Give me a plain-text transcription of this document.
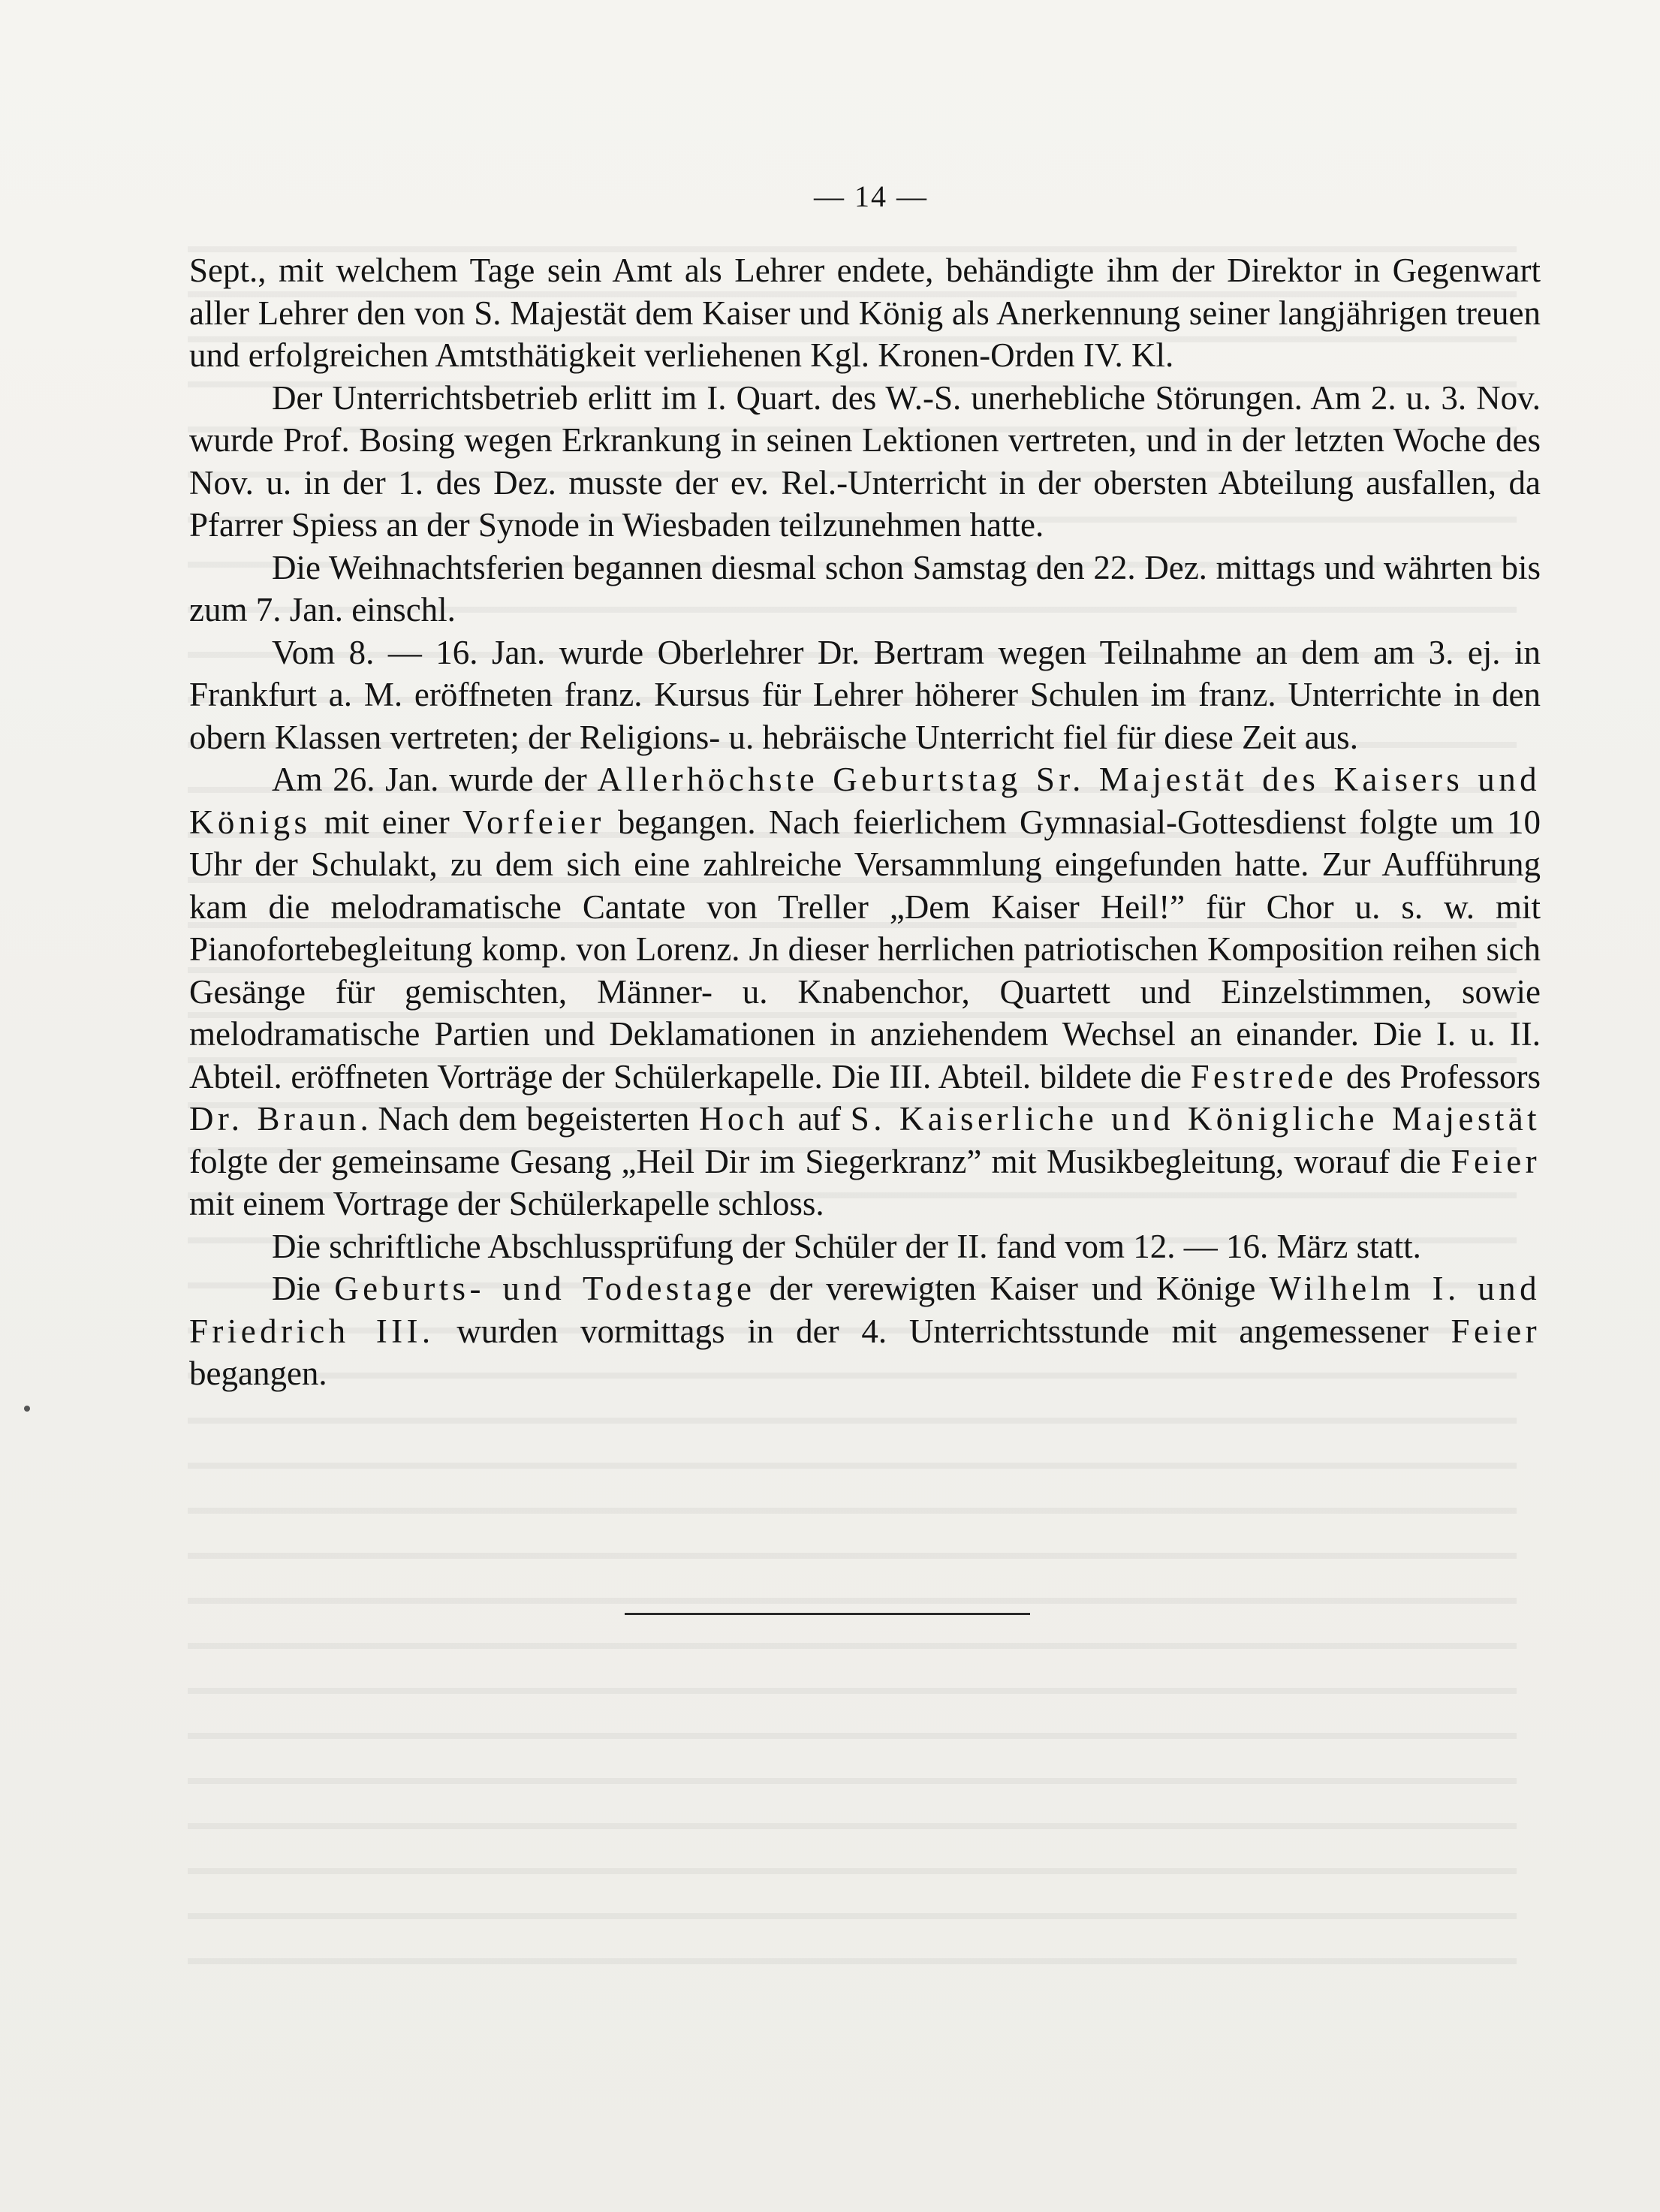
— 14 —

Sept., mit welchem Tage sein Amt als Lehrer endete, behändigte ihm der Direktor in Gegenwart aller Lehrer den von S. Majestät dem Kaiser und König als Anerkennung seiner langjährigen treuen und erfolgreichen Amtsthätigkeit verliehenen Kgl. Kronen-Orden IV. Kl.

Der Unterrichtsbetrieb erlitt im I. Quart. des W.-S. unerhebliche Störungen. Am 2. u. 3. Nov. wurde Prof. Bosing wegen Erkrankung in seinen Lektionen vertreten, und in der letzten Woche des Nov. u. in der 1. des Dez. musste der ev. Rel.-Unterricht in der obersten Abteilung ausfallen, da Pfarrer Spiess an der Synode in Wiesbaden teilzunehmen hatte.

Die Weihnachtsferien begannen diesmal schon Samstag den 22. Dez. mittags und währten bis zum 7. Jan. einschl.

Vom 8. — 16. Jan. wurde Oberlehrer Dr. Bertram wegen Teilnahme an dem am 3. ej. in Frankfurt a. M. eröffneten franz. Kursus für Lehrer höherer Schulen im franz. Unterrichte in den obern Klassen vertreten; der Religions- u. hebräische Unterricht fiel für diese Zeit aus.

Am 26. Jan. wurde der Allerhöchste Geburtstag Sr. Majestät des Kaisers und Königs mit einer Vorfeier begangen. Nach feierlichem Gymnasial-Gottesdienst folgte um 10 Uhr der Schulakt, zu dem sich eine zahlreiche Versammlung eingefunden hatte. Zur Aufführung kam die melodramatische Cantate von Treller „Dem Kaiser Heil!” für Chor u. s. w. mit Pianofortebegleitung komp. von Lorenz. Jn dieser herrlichen patriotischen Komposition reihen sich Gesänge für gemischten, Männer- u. Knabenchor, Quartett und Einzelstimmen, sowie melodramatische Partien und Deklamationen in anziehendem Wechsel an einander. Die I. u. II. Abteil. eröffneten Vorträge der Schülerkapelle. Die III. Abteil. bildete die Festrede des Professors Dr. Braun. Nach dem begeisterten Hoch auf S. Kaiserliche und Königliche Majestät folgte der gemeinsame Gesang „Heil Dir im Siegerkranz” mit Musikbegleitung, worauf die Feier mit einem Vortrage der Schülerkapelle schloss.

Die schriftliche Abschlussprüfung der Schüler der II. fand vom 12. — 16. März statt.

Die Geburts- und Todestage der verewigten Kaiser und Könige Wilhelm I. und Friedrich III. wurden vormittags in der 4. Unterrichtsstunde mit angemessener Feier begangen.
